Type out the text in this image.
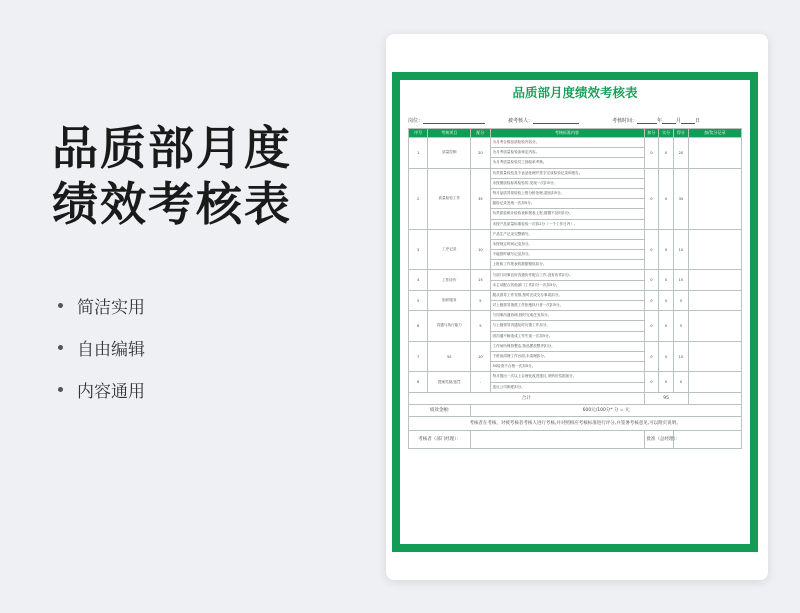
品质部月度
绩效考核表
简洁实用
自由编辑
内容通用
品质部月度绩效考核表
岗位：	被考核人：	考核时间：	年	月	日
序号	考核项目	配分	考核标准内容	扣分	实分	得分	扣/奖分记录
1	质量控制	20	为月考合格品质检验内容分。	0	0	20	
			为月考质量检验条规定内容。				
			为月考质量检验员工抽检率考核。				
2	质量检验工作	35	负责质量检验及不良品处理并签字完成检验记录和报告。	0	0	35	
			未按照质检标准检验的,发现一次扣5分。				
			每月品质异常检验上报分析处理,超出扣5分。				
			漏检记录发现一次扣5分。				
			负责质检统计检验表和报表上报,数据不及时扣分。				
			未按产品质量标准检验一次扣2分（一个工作日内）。				
3	工序记录	10	产品生产记录完整填写。	0	0	10	
			未按规定时间记录扣分。				
			不能按时填写记录扣分。				
			上报和工作报表的数据错误扣分。				
4	工作协作	15	与部门同事良好沟通协作配合工作,没有协作扣分。	0	0	15	
			未主动配合其他部门工作扣分一次扣5分。				
5	组织服务	5	服从领导工作安排,按时完成交办事项扣分。	0	0	5	
			对上级领导指派工作拒绝执行者一次扣5分。				
6	沟通与执行能力	5	与同事沟通协调,按时完成任务扣分。	0	0	5	
			与上级领导沟通及时反馈工作扣分。				
			因沟通不畅造成工作失误一次扣5分。				
7	5S	10	工作场所保持整洁,物品摆放整齐扣分。	0	0	10	
			下班前清理工作台面,未清理扣分。				
			5S检查不合格一次扣5分。				
8	提案奖励/惩罚	-	每月提出一次以上合理化改进建议,采纳后奖励加分。	0	0	0	
			违反公司制度扣分。				
合计				95			
绩效金额:		600元/100分* 分 = 元					
考核者在考核、对被考核者考核人进行考核,并对照相应考核标准进行评分,并签署考核意见,可以附页说明。							
考核者（部门经理）：				批准（总经理）：			
